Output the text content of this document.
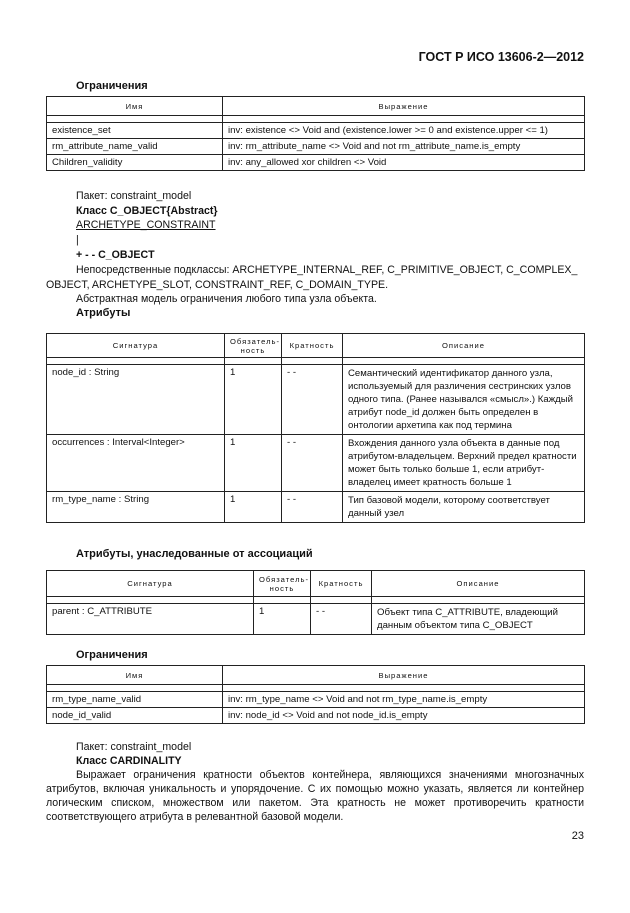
ГОСТ Р ИСО 13606-2—2012
Ограничения
Имя	Выражение

existence_set	inv: existence <> Void and (existence.lower >= 0 and existence.upper <= 1)
rm_attribute_name_valid	inv: rm_attribute_name <> Void and not rm_attribute_name.is_empty
Children_validity	inv: any_allowed xor children <> Void
Пакет: constraint_model
Класс C_OBJECT{Abstract}
ARCHETYPE_CONSTRAINT
|
+ - - C_OBJECT
Непосредственные подклассы: ARCHETYPE_INTERNAL_REF, C_PRIMITIVE_OBJECT, C_COMPLEX_
OBJECT, ARCHETYPE_SLOT, CONSTRAINT_REF, C_DOMAIN_TYPE.
Абстрактная модель ограничения любого типа узла объекта.
Атрибуты
Сигнатура	Обязатель-ность	Кратность	Описание

node_id : String	1	- -	Семантический идентификатор данного узла, используемый для различения сестринских узлов одного типа. (Ранее назывался «смысл».) Каждый атрибут node_id должен быть определен в онтологии архетипа как под термина
occurrences : Interval<Integer>	1	- -	Вхождения данного узла объекта в данные под атрибутом-владельцем. Верхний предел кратности может быть только больше 1, если атрибут-владелец имеет кратность больше 1
rm_type_name : String	1	- -	Тип базовой модели, которому соответствует данный узел
Атрибуты, унаследованные от ассоциаций
Сигнатура	Обязатель-ность	Кратность	Описание

parent : C_ATTRIBUTE	1	- -	Объект типа C_ATTRIBUTE, владеющий данным объектом типа C_OBJECT
Ограничения
Имя	Выражение

rm_type_name_valid	inv: rm_type_name <> Void and not rm_type_name.is_empty
node_id_valid	inv: node_id <> Void and not node_id.is_empty
Пакет: constraint_model
Класс CARDINALITY
Выражает ограничения кратности объектов контейнера, являющихся значениями многозначных атрибутов, включая уникальность и упорядочение. С их помощью можно указать, является ли контейнер логическим списком, множеством или пакетом. Эта кратность не может противоречить кратности соответствующего атрибута в релевантной базовой модели.
23
